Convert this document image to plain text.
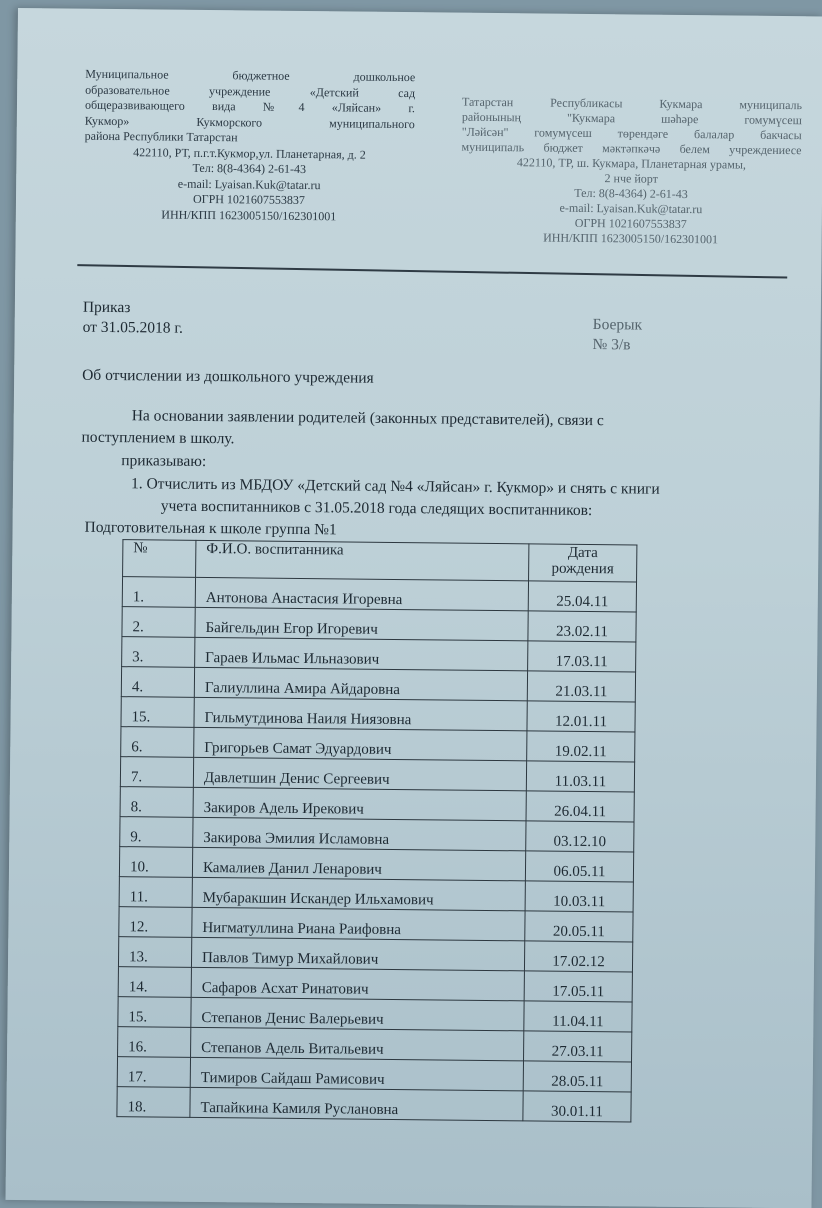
Муниципальное бюджетное дошкольное
образовательное учреждение «Детский сад
общеразвивающего вида №4 «Ляйсан» г.
Кукмор» Кукморского муниципального
района Республики Татарстан
422110, РТ, п.г.т.Кукмор,ул. Планетарная, д. 2
Тел: 8(8-4364) 2-61-43
e-mail: Lyaisan.Kuk@tatar.ru
ОГРН 1021607553837
ИНН/КПП 1623005150/162301001
Татарстан Республикасы Кукмара муниципаль
районының "Кукмара шәһәре гомумүсеш
"Ләйсән" гомумүсеш төрендәге балалар бакчасы
муниципаль бюджет мәктәпкәчә белем учреждениесе
422110, ТР, ш. Кукмара, Планетарная урамы,
2 нче йорт
Тел: 8(8-4364) 2-61-43
e-mail: Lyaisan.Kuk@tatar.ru
ОГРН 1021607553837
ИНН/КПП 1623005150/162301001
Приказ
от 31.05.2018 г.	Боерык
№ 3/в
Об отчислении из дошкольного учреждения
На основании заявлении родителей (законных представителей), связи с
поступлением в школу.
приказываю:
1. Отчислить из МБДОУ «Детский сад №4 «Ляйсан» г. Кукмор» и снять с книги
учета воспитанников с 31.05.2018 года следящих воспитанников:
Подготовительная к школе группа №1
№	Ф.И.О. воспитанника	Дата
рождения

1.	Антонова Анастасия Игоревна	25.04.11
2.	Байгельдин Егор Игоревич	23.02.11
3.	Гараев Ильмас Ильназович	17.03.11
4.	Галиуллина Амира Айдаровна	21.03.11
15.	Гильмутдинова Наиля Ниязовна	12.01.11
6.	Григорьев Самат Эдуардович	19.02.11
7.	Давлетшин Денис Сергеевич	11.03.11
8.	Закиров Адель Ирекович	26.04.11
9.	Закирова Эмилия Исламовна	03.12.10
10.	Камалиев Данил Ленарович	06.05.11
11.	Мубаракшин Искандер Ильхамович	10.03.11
12.	Нигматуллина Риана Раифовна	20.05.11
13.	Павлов Тимур Михайлович	17.02.12
14.	Сафаров Асхат Ринатович	17.05.11
15.	Степанов Денис Валерьевич	11.04.11
16.	Степанов Адель Витальевич	27.03.11
17.	Тимиров Сайдаш Рамисович	28.05.11
18.	Тапайкина Камиля Руслановна	30.01.11
